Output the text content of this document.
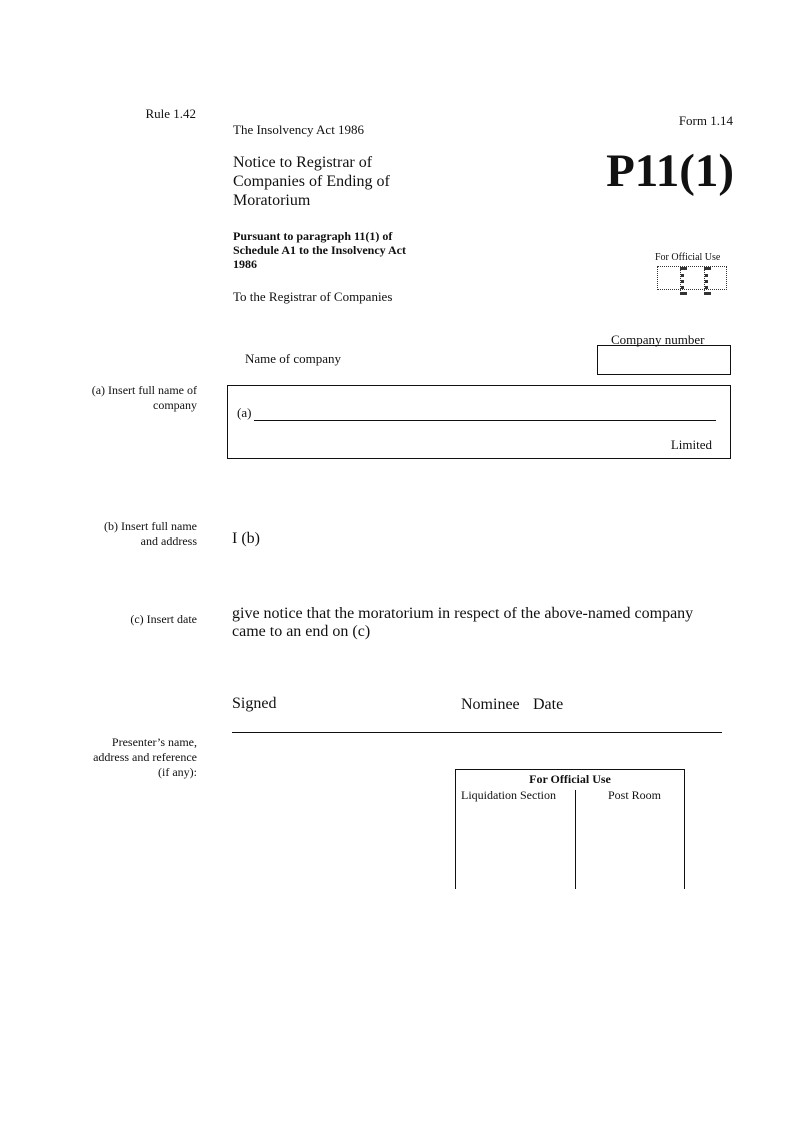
Rule 1.42
The Insolvency Act 1986
Form 1.14
Notice to Registrar of
Companies of Ending of
Moratorium
P11(1)
Pursuant to paragraph 11(1) of
Schedule A1 to the Insolvency Act
1986	For Official Use
To the Registrar of Companies
Company number
Name of company
(a) Insert full name of
company	(a)
Limited
(b) Insert full name
and address I (b)
(c) Insert date give notice that the moratorium in respect of the above-named company
came to an end on (c)
Signed	Nominee Date
Presenter’s name,
address and reference
(if any):	For Official Use
Liquidation Section	Post Room
